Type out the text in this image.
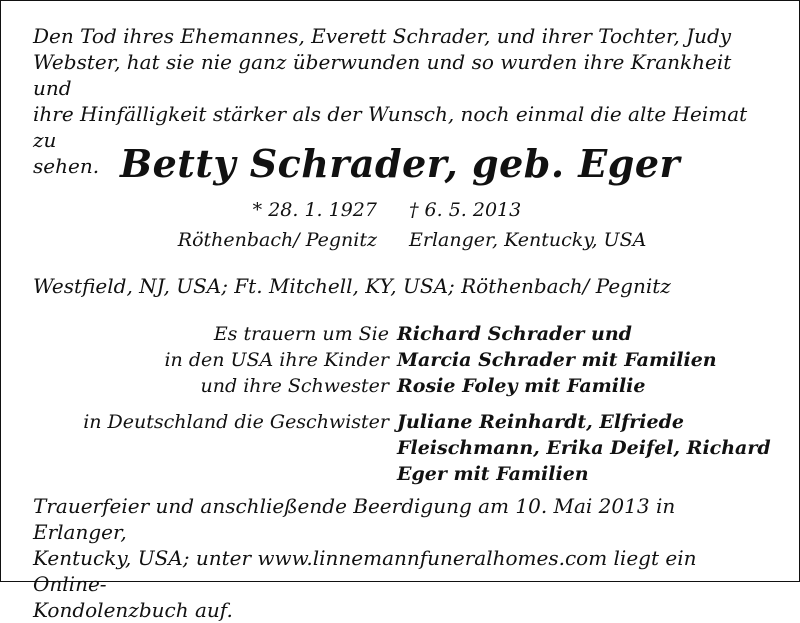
Den Tod ihres Ehemannes, Everett Schrader, und ihrer Tochter, Judy
Webster, hat sie nie ganz überwunden und so wurden ihre Krankheit und
ihre Hinfälligkeit stärker als der Wunsch, noch einmal die alte Heimat zu
sehen. Betty Schrader, geb. Eger
* 28. 1. 1927 † 6. 5. 2013
Röthenbach/ Pegnitz Erlanger, Kentucky, USA

Westfield, NJ, USA; Ft. Mitchell, KY, USA; Röthenbach/ Pegnitz

Es trauern um Sie Richard Schrader und
in den USA ihre Kinder Marcia Schrader mit Familien
und ihre Schwester Rosie Foley mit Familie
in Deutschland die Geschwister Juliane Reinhardt, Elfriede
Fleischmann, Erika Deifel, Richard
Eger mit Familien

Trauerfeier und anschließende Beerdigung am 10. Mai 2013 in Erlanger,
Kentucky, USA; unter www.linnemannfuneralhomes.com liegt ein Online-
Kondolenzbuch auf.
